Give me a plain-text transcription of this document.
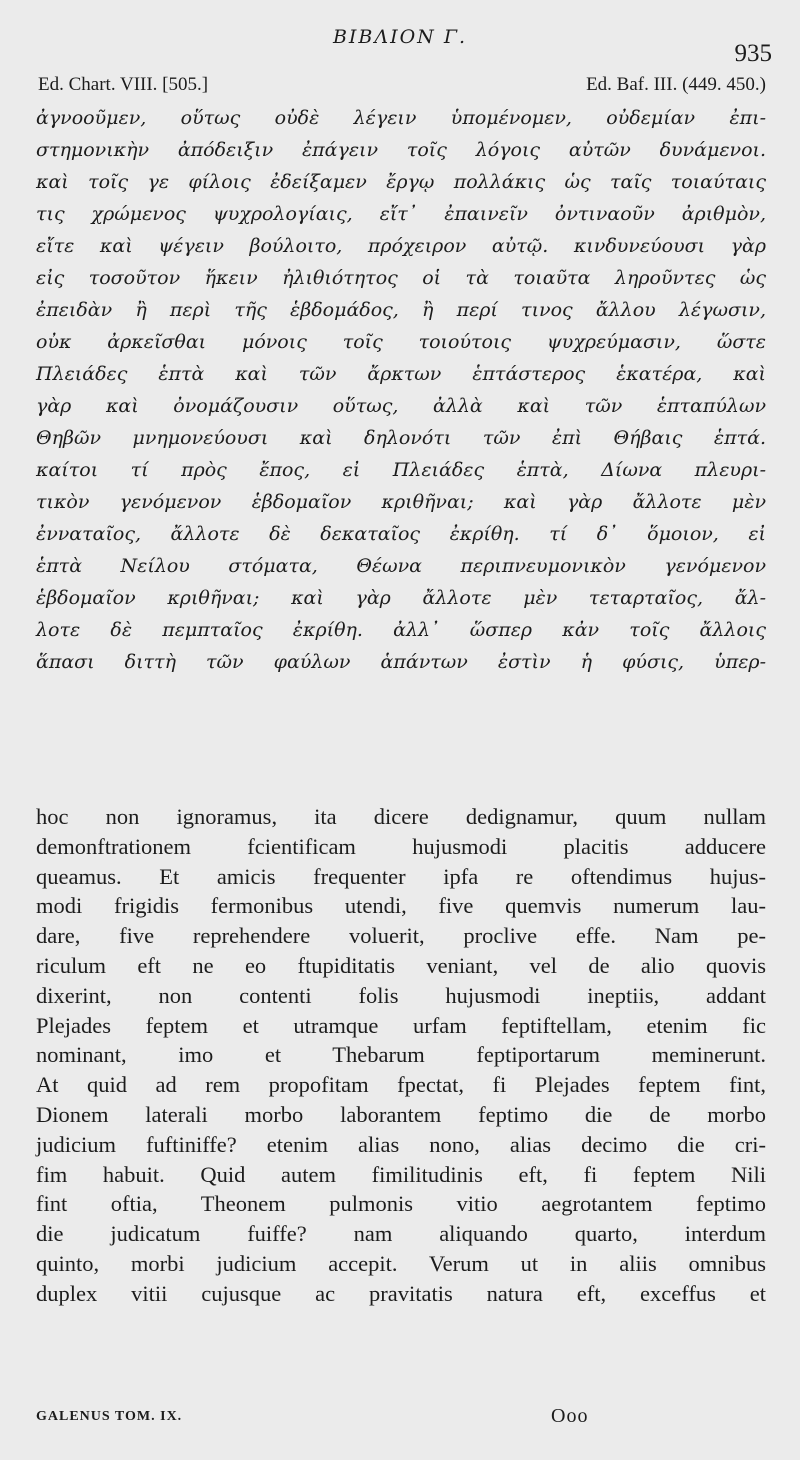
ΒΙΒΛΙΟΝ Γ.
935
Ed. Chart. VIII. [505.]	Ed. Baf. III. (449. 450.)
ἀγνοοῦμεν, οὕτως οὐδὲ λέγειν ὑπομένομεν, οὐδεμίαν ἐπι-
στημονικὴν ἀπόδειξιν ἐπάγειν τοῖς λόγοις αὐτῶν δυνάμενοι.
καὶ τοῖς γε φίλοις ἐδείξαμεν ἔργῳ πολλάκις ὡς ταῖς τοιαύταις
τις χρώμενος ψυχρολογίαις, εἴτ᾽ ἐπαινεῖν ὀντιναοῦν ἀριθμὸν,
εἴτε καὶ ψέγειν βούλοιτο, πρόχειρον αὐτῷ. κινδυνεύουσι γὰρ
εἰς τοσοῦτον ἥκειν ἠλιθιότητος οἱ τὰ τοιαῦτα ληροῦντες ὡς
ἐπειδὰν ἢ περὶ τῆς ἑβδομάδος, ἢ περί τινος ἄλλου λέγωσιν,
οὐκ ἀρκεῖσθαι μόνοις τοῖς τοιούτοις ψυχρεύμασιν, ὥστε
Πλειάδες ἑπτὰ καὶ τῶν ἄρκτων ἑπτάστερος ἑκατέρα, καὶ
γὰρ καὶ ὀνομάζουσιν οὕτως, ἀλλὰ καὶ τῶν ἑπταπύλων
Θηβῶν μνημονεύουσι καὶ δηλονότι τῶν ἐπὶ Θήβαις ἑπτά.
καίτοι τί πρὸς ἔπος, εἰ Πλειάδες ἑπτὰ, Δίωνα πλευρι-
τικὸν γενόμενον ἑβδομαῖον κριθῆναι; καὶ γὰρ ἄλλοτε μὲν
ἐνναταῖος, ἄλλοτε δὲ δεκαταῖος ἐκρίθη. τί δ᾽ ὅμοιον, εἰ
ἑπτὰ Νείλου στόματα, Θέωνα περιπνευμονικὸν γενόμενον
ἑβδομαῖον κριθῆναι; καὶ γὰρ ἄλλοτε μὲν τεταρταῖος, ἄλ-
λοτε δὲ πεμπταῖος ἐκρίθη. ἀλλ᾽ ὥσπερ κἀν τοῖς ἄλλοις
ἅπασι διττὴ τῶν φαύλων ἁπάντων ἐστὶν ἡ φύσις, ὑπερ-
hoc non ignoramus, ita dicere dedignamur, quum nullam
demonftrationem fcientificam hujusmodi placitis adducere
queamus. Et amicis frequenter ipfa re oftendimus hujus-
modi frigidis fermonibus utendi, five quemvis numerum lau-
dare, five reprehendere voluerit, proclive effe. Nam pe-
riculum eft ne eo ftupiditatis veniant, vel de alio quovis
dixerint, non contenti folis hujusmodi ineptiis, addant
Plejades feptem et utramque urfam feptiftellam, etenim fic
nominant, imo et Thebarum feptiportarum meminerunt.
At quid ad rem propofitam fpectat, fi Plejades feptem fint,
Dionem laterali morbo laborantem feptimo die de morbo
judicium fuftiniffe? etenim alias nono, alias decimo die cri-
fim habuit. Quid autem fimilitudinis eft, fi feptem Nili
fint oftia, Theonem pulmonis vitio aegrotantem feptimo
die judicatum fuiffe? nam aliquando quarto, interdum
quinto, morbi judicium accepit. Verum ut in aliis omnibus
duplex vitii cujusque ac pravitatis natura eft, exceffus et
GALENUS TOM. IX.	Ooo
